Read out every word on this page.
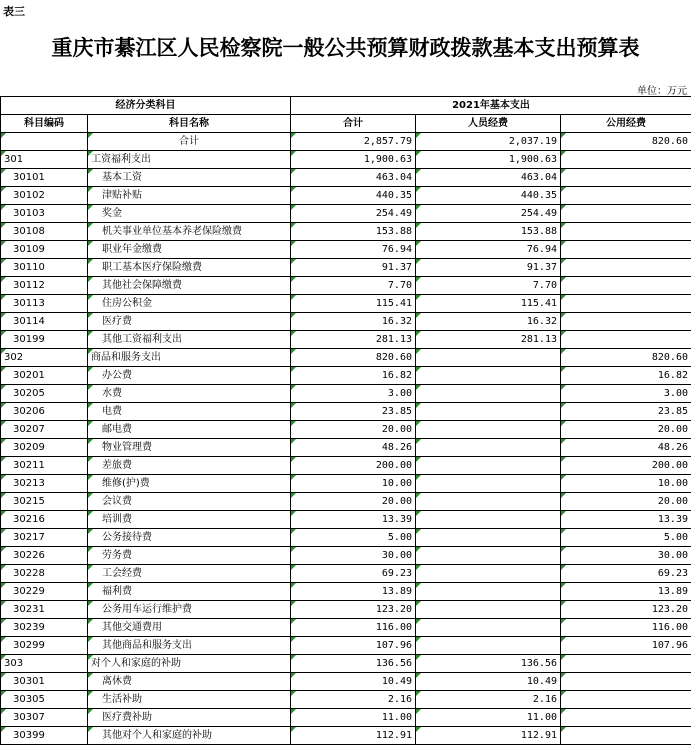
表三
重庆市綦江区人民检察院一般公共预算财政拨款基本支出预算表
单位：万元
经济分类科目		2021年基本支出		
科目编码	科目名称	合计	人员经费	公用经费
	合计	2,857.79	2,037.19	820.60
301	工资福利支出	1,900.63	1,900.63	
30101	基本工资	463.04	463.04	
30102	津贴补贴	440.35	440.35	
30103	奖金	254.49	254.49	
30108	机关事业单位基本养老保险缴费	153.88	153.88	
30109	职业年金缴费	76.94	76.94	
30110	职工基本医疗保险缴费	91.37	91.37	
30112	其他社会保障缴费	7.70	7.70	
30113	住房公积金	115.41	115.41	
30114	医疗费	16.32	16.32	
30199	其他工资福利支出	281.13	281.13	
302	商品和服务支出	820.60		820.60
30201	办公费	16.82		16.82
30205	水费	3.00		3.00
30206	电费	23.85		23.85
30207	邮电费	20.00		20.00
30209	物业管理费	48.26		48.26
30211	差旅费	200.00		200.00
30213	维修(护)费	10.00		10.00
30215	会议费	20.00		20.00
30216	培训费	13.39		13.39
30217	公务接待费	5.00		5.00
30226	劳务费	30.00		30.00
30228	工会经费	69.23		69.23
30229	福利费	13.89		13.89
30231	公务用车运行维护费	123.20		123.20
30239	其他交通费用	116.00		116.00
30299	其他商品和服务支出	107.96		107.96
303	对个人和家庭的补助	136.56	136.56	
30301	离休费	10.49	10.49	
30305	生活补助	2.16	2.16	
30307	医疗费补助	11.00	11.00	
30399	其他对个人和家庭的补助	112.91	112.91	
